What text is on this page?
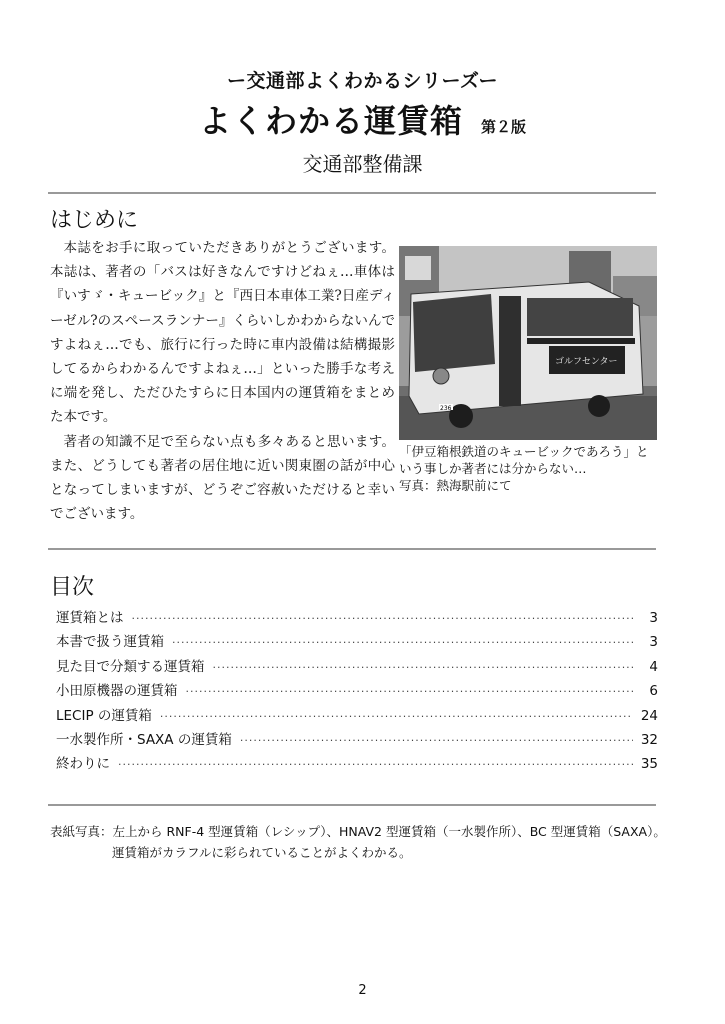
ー交通部よくわかるシリーズー
よくわかる運賃箱 第２版
交通部整備課
はじめに

本誌をお手に取っていただきありがとうございます。本誌は、著者の「バスは好きなんですけどねぇ…車体は『いすゞ・キュービック』と『西日本車体工業?日産ディーゼル?のスペースランナー』くらいしかわからないんですよねぇ…でも、旅行に行った時に車内設備は結構撮影してるからわかるんですよねぇ…」といった勝手な考えに端を発し、ただひたすらに日本国内の運賃箱をまとめた本です。

著者の知識不足で至らない点も多々あると思います。また、どうしても著者の居住地に近い関東圏の話が中心となってしまいますが、どうぞご容赦いただけると幸いでございます。

ゴルフセンター
236
「伊豆箱根鉄道のキュービックであろう」と
いう事しか著者には分からない…
写真：熱海駅前にて
目次
運賃箱とは ·····	3
本書で扱う運賃箱 ·····	3
見た目で分類する運賃箱 ·····	4
小田原機器の運賃箱 ·····	6
LECIP の運賃箱 ·····	24
一水製作所・SAXA の運賃箱 ·····	32
終わりに ·····	35
表紙写真：左上から RNF-4 型運賃箱（レシップ）、HNAV2 型運賃箱（一水製作所）、BC 型運賃箱（SAXA）。
運賃箱がカラフルに彩られていることがよくわかる。
2
